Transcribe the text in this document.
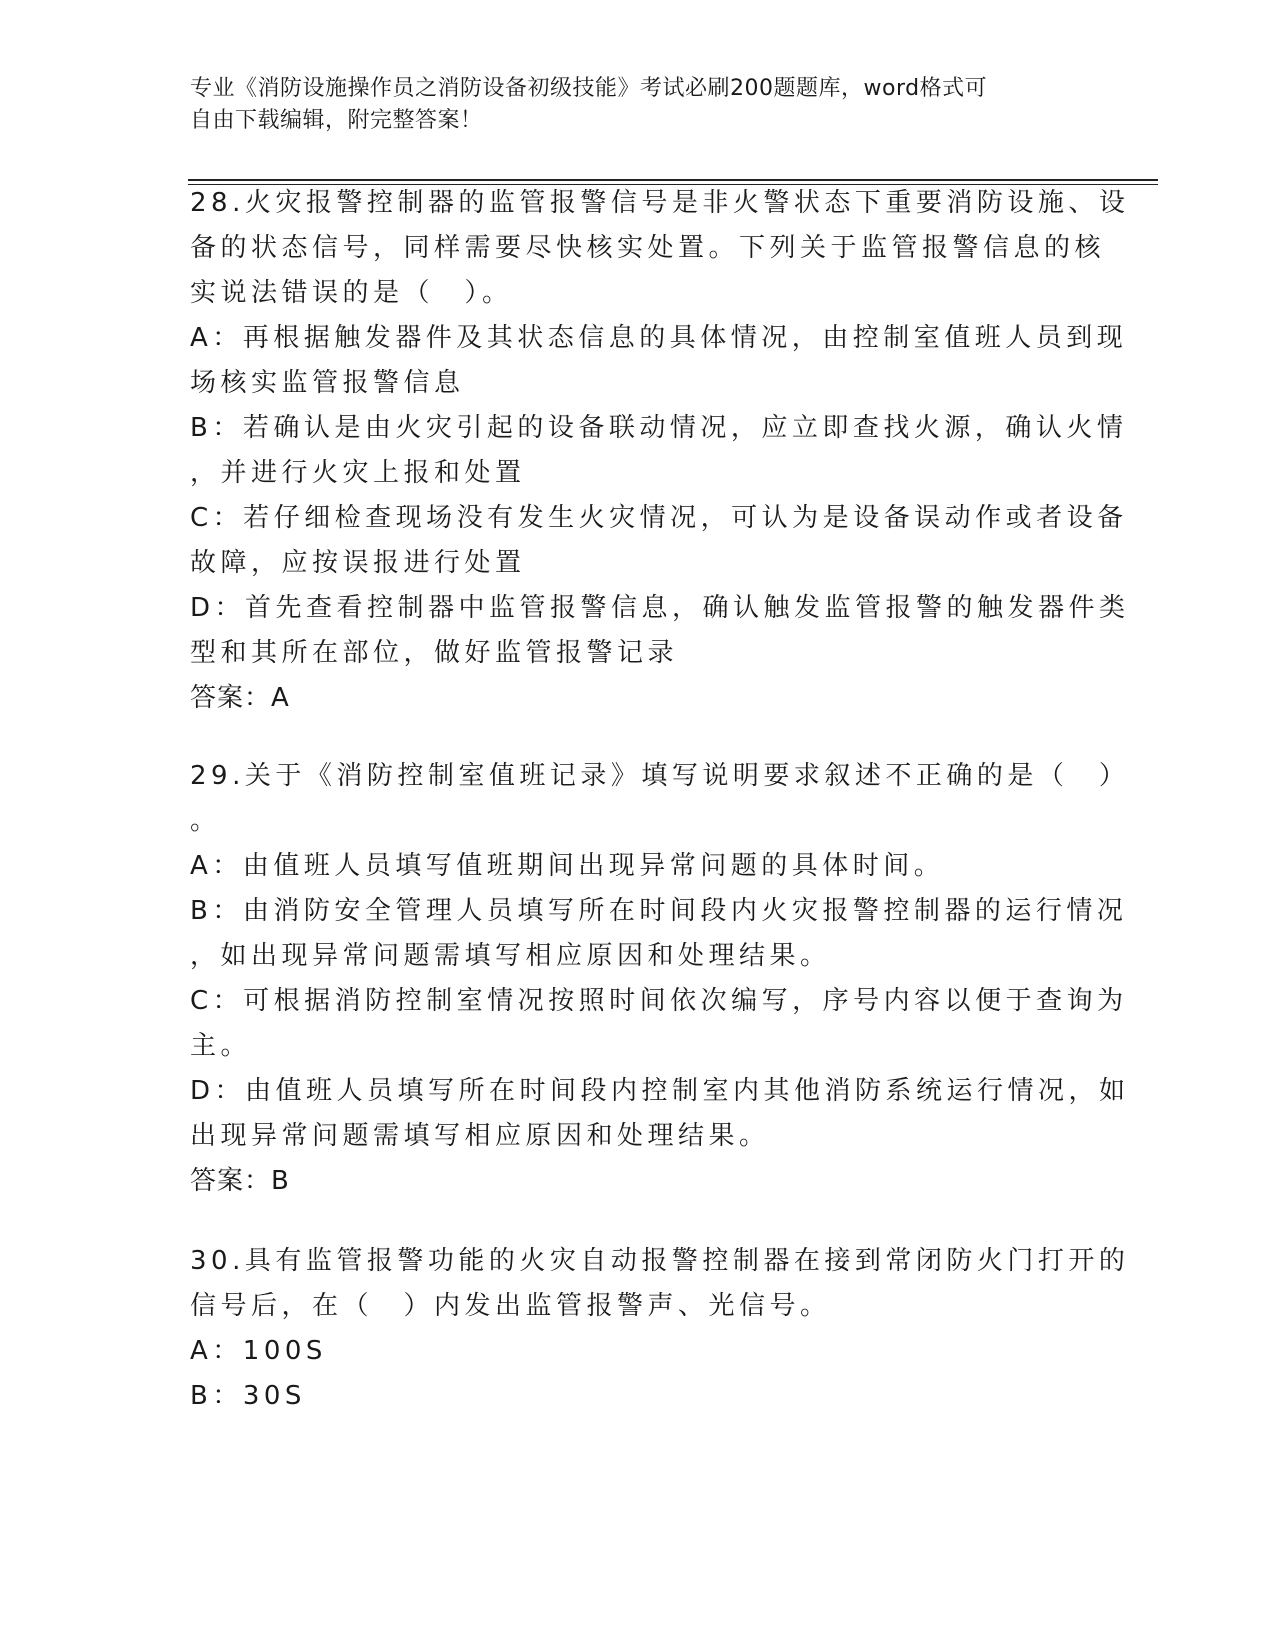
专业《消防设施操作员之消防设备初级技能》考试必刷200题题库，word格式可
自由下载编辑，附完整答案！
28.火灾报警控制器的监管报警信号是非火警状态下重要消防设施、设
备的状态信号，同样需要尽快核实处置。下列关于监管报警信息的核
实说法错误的是（　）。
A：再根据触发器件及其状态信息的具体情况，由控制室值班人员到现
场核实监管报警信息
B：若确认是由火灾引起的设备联动情况，应立即查找火源，确认火情
，并进行火灾上报和处置
C：若仔细检查现场没有发生火灾情况，可认为是设备误动作或者设备
故障，应按误报进行处置
D：首先查看控制器中监管报警信息，确认触发监管报警的触发器件类
型和其所在部位，做好监管报警记录
答案：A
29.关于《消防控制室值班记录》填写说明要求叙述不正确的是（　）
。
A：由值班人员填写值班期间出现异常问题的具体时间。
B：由消防安全管理人员填写所在时间段内火灾报警控制器的运行情况
，如出现异常问题需填写相应原因和处理结果。
C：可根据消防控制室情况按照时间依次编写，序号内容以便于查询为
主。
D：由值班人员填写所在时间段内控制室内其他消防系统运行情况，如
出现异常问题需填写相应原因和处理结果。
答案：B
30.具有监管报警功能的火灾自动报警控制器在接到常闭防火门打开的
信号后，在（　）内发出监管报警声、光信号。
A：100S
B：30S
